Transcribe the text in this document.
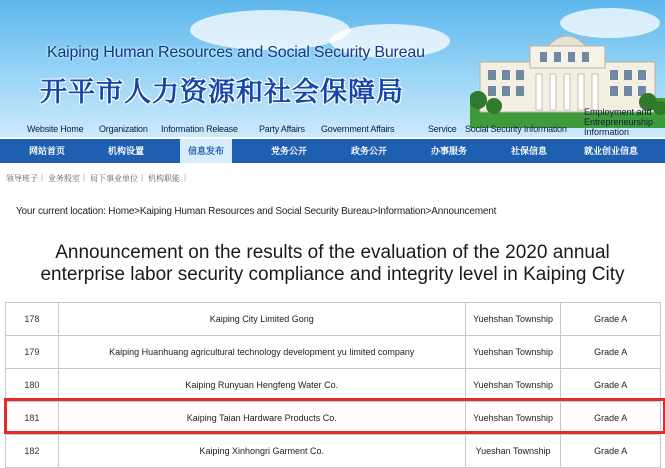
Kaiping Human Resources and Social Security Bureau
开平市人力资源和社会保障局
Website Home Organization Information Release Party Affairs Government Affairs	Service Social Security Information
Employment and Entrepreneurship Information
网站首页	机构设置	信息发布	党务公开	政务公开	办事服务	社保信息	就业创业信息
领导班子 | 业务股室 | 局下事业单位 | 机构职能 |
Your current location: Home>Kaiping Human Resources and Social Security Bureau>Information>Announcement
Announcement on the results of the evaluation of the 2020 annual
enterprise labor security compliance and integrity level in Kaiping City
178	Kaiping City Limited Gong	Yuehshan Township	Grade A
179	Kaiping Huanhuang agricultural technology development yu limited company	Yuehshan Township	Grade A
180	Kaiping Runyuan Hengfeng Water Co.	Yuehshan Township	Grade A
181	Kaiping Taian Hardware Products Co.	Yuehshan Township	Grade A
182	Kaiping Xinhongri Garment Co.	Yueshan Township	Grade A
